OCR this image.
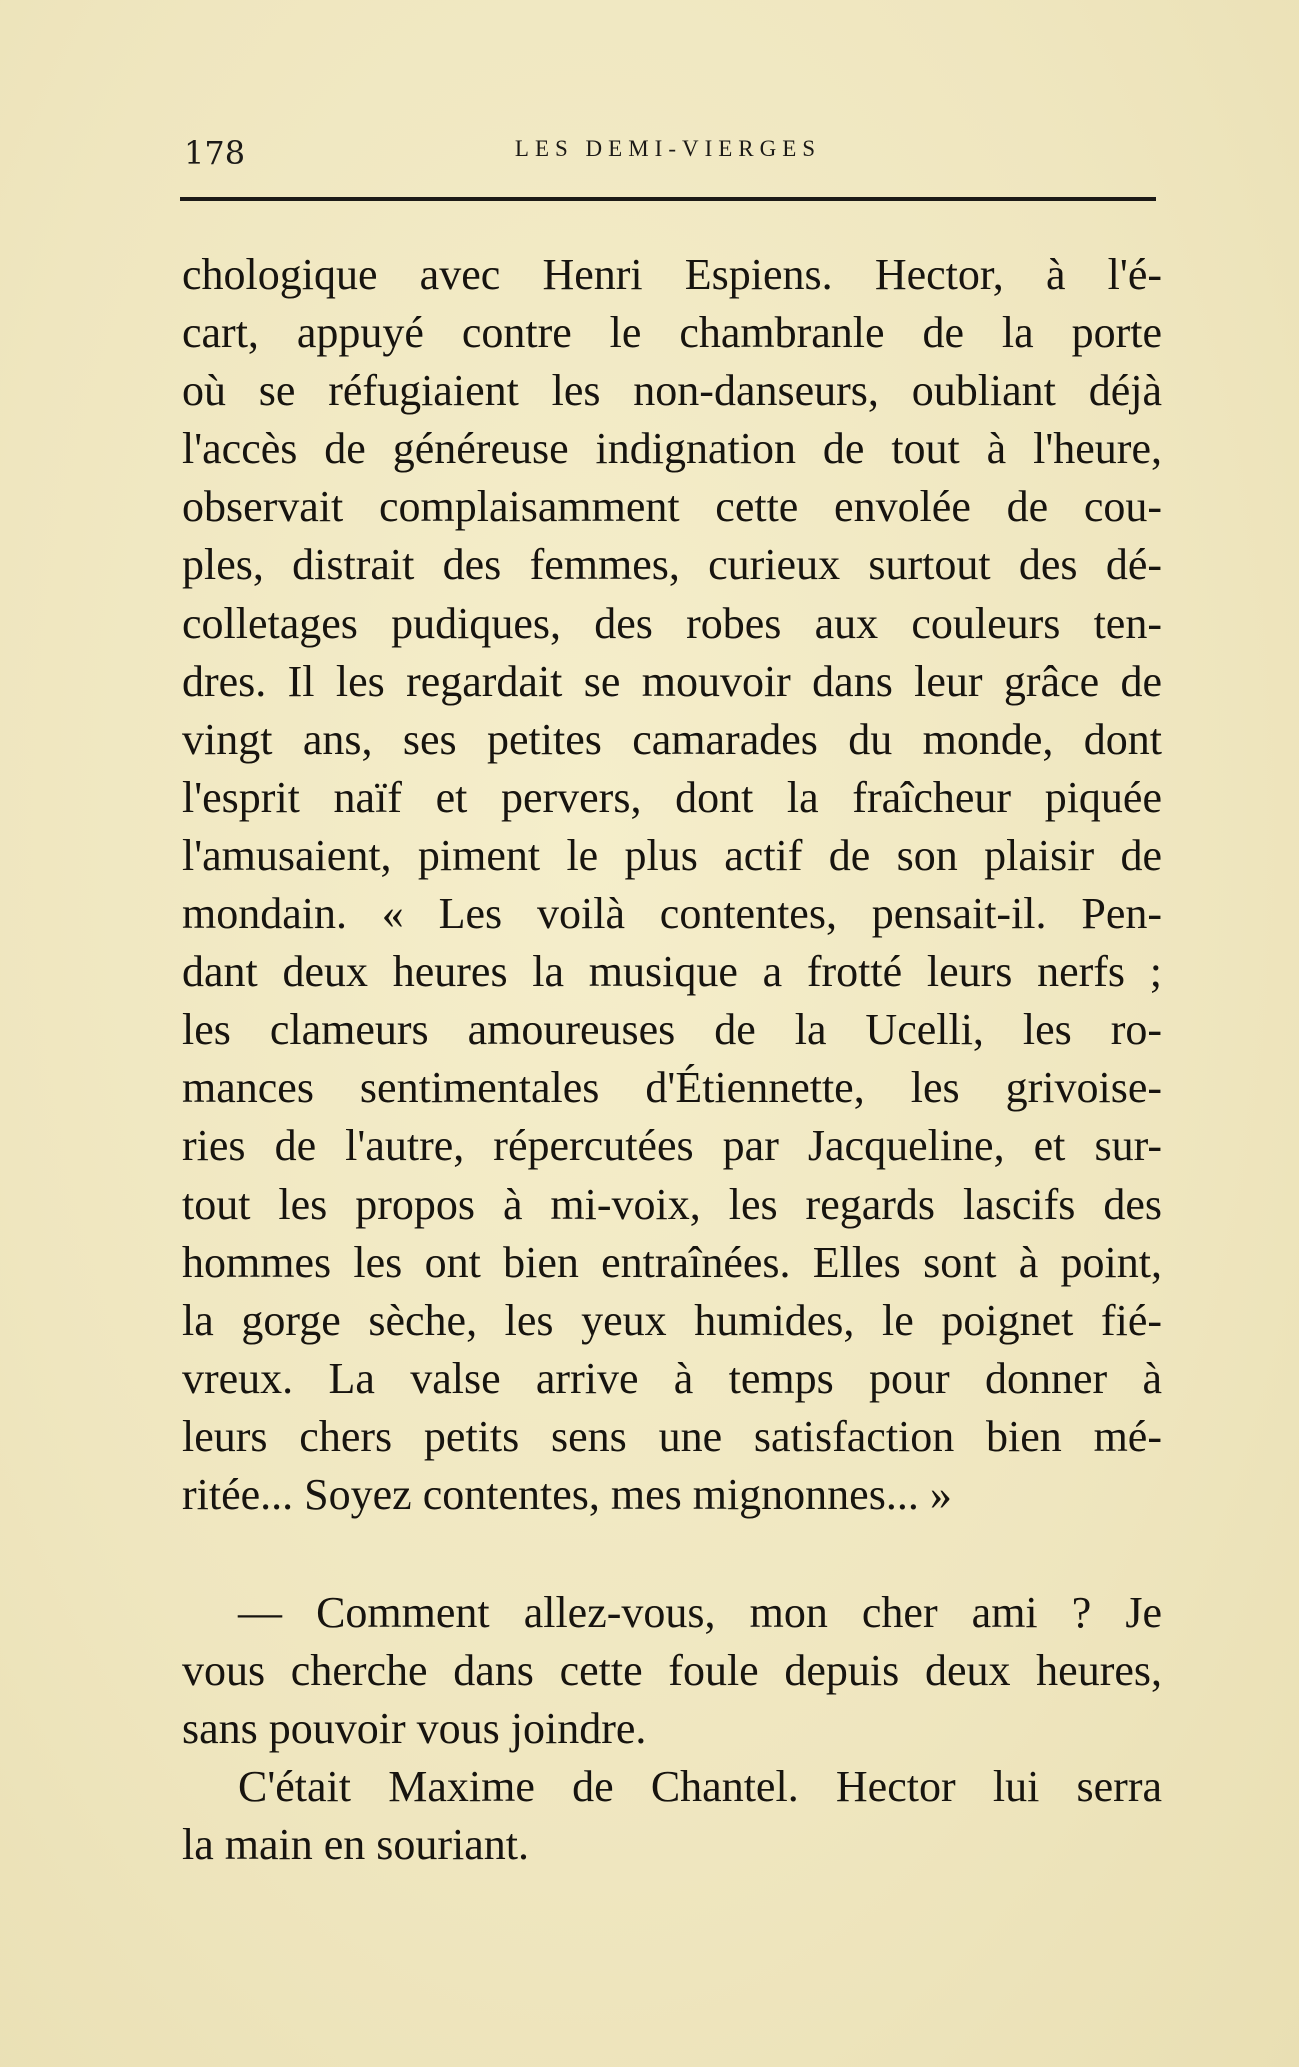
178	LES DEMI-VIERGES
chologique avec Henri Espiens. Hector, à l'é-
cart, appuyé contre le chambranle de la porte
où se réfugiaient les non-danseurs, oubliant déjà
l'accès de généreuse indignation de tout à l'heure,
observait complaisamment cette envolée de cou-
ples, distrait des femmes, curieux surtout des dé-
colletages pudiques, des robes aux couleurs ten-
dres. Il les regardait se mouvoir dans leur grâce de
vingt ans, ses petites camarades du monde, dont
l'esprit naïf et pervers, dont la fraîcheur piquée
l'amusaient, piment le plus actif de son plaisir de
mondain. « Les voilà contentes, pensait-il. Pen-
dant deux heures la musique a frotté leurs nerfs ;
les clameurs amoureuses de la Ucelli, les ro-
mances sentimentales d'Étiennette, les grivoise-
ries de l'autre, répercutées par Jacqueline, et sur-
tout les propos à mi-voix, les regards lascifs des
hommes les ont bien entraînées. Elles sont à point,
la gorge sèche, les yeux humides, le poignet fié-
vreux. La valse arrive à temps pour donner à
leurs chers petits sens une satisfaction bien mé-
ritée... Soyez contentes, mes mignonnes... »
— Comment allez-vous, mon cher ami ? Je
vous cherche dans cette foule depuis deux heures,
sans pouvoir vous joindre.
C'était Maxime de Chantel. Hector lui serra
la main en souriant.
